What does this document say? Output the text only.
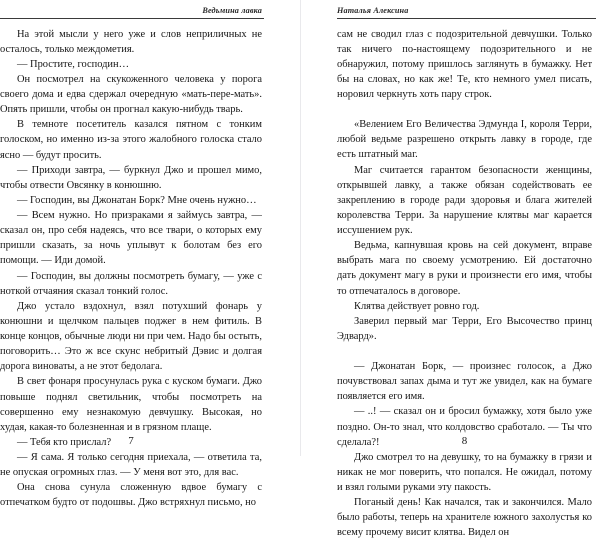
Ведьмина лавка

На этой мысли у него уже и слов неприличных не осталось, только междометия.

— Простите, господин…

Он посмотрел на скукоженного человека у порога своего дома и едва сдержал очередную «мать-пере-мать». Опять пришли, чтобы он прогнал какую-нибудь тварь.

В темноте посетитель казался пятном с тонким голоском, но именно из-за этого жалобного голоска стало ясно — будут просить.

— Приходи завтра, — буркнул Джо и прошел мимо, чтобы отвести Овсянку в конюшню.

— Господин, вы Джонатан Борк? Мне очень нужно…

— Всем нужно. Но призраками я займусь завтра, — сказал он, про себя надеясь, что все твари, о которых ему пришли сказать, за ночь уплывут к болотам без его помощи. — Иди домой.

— Господин, вы должны посмотреть бумагу, — уже с ноткой отчаяния сказал тонкий голос.

Джо устало вздохнул, взял потухший фонарь у конюшни и щелчком пальцев поджег в нем фитиль. В конце концов, обычные люди ни при чем. Надо бы остыть, поговорить… Это ж все скунс небритый Дэвис и долгая дорога виноваты, а не этот бедолага.

В свет фонаря просунулась рука с куском бумаги. Джо повыше поднял светильник, чтобы посмотреть на совершенно ему незнакомую девчушку. Высокая, но худая, какая-то болезненная и в грязном плаще.

— Тебя кто прислал?

— Я сама. Я только сегодня приехала, — ответила та, не опуская огромных глаз. — У меня вот это, для вас.

Она снова сунула сложенную вдвое бумагу с отпечатком будто от подошвы. Джо встряхнул письмо, но

7
Наталья Алексина

сам не сводил глаз с подозрительной девчушки. Только так ничего по-настоящему подозрительного и не обнаружил, потому пришлось заглянуть в бумажку. Нет бы на словах, но как же! Те, кто немного умел писать, норовил черкнуть хоть пару строк.

«Велением Его Величества Эдмунда I, короля Терри, любой ведьме разрешено открыть лавку в городе, где есть штатный маг.

Маг считается гарантом безопасности женщины, открывшей лавку, а также обязан содействовать ее закреплению в городе ради здоровья и блага жителей королевства Терри. За нарушение клятвы маг карается иссушением рук.

Ведьма, капнувшая кровь на сей документ, вправе выбрать мага по своему усмотрению. Ей достаточно дать документ магу в руки и произнести его имя, чтобы то отпечаталось в договоре.

Клятва действует ровно год.

Заверил первый маг Терри, Его Высочество принц Эдвард».

— Джонатан Борк, — произнес голосок, а Джо почувствовал запах дыма и тут же увидел, как на бумаге появляется его имя.

— ..! — сказал он и бросил бумажку, хотя было уже поздно. Он-то знал, что колдовство сработало. — Ты что сделала?!

Джо смотрел то на девушку, то на бумажку в грязи и никак не мог поверить, что попался. Не ожидал, потому и взял голыми руками эту пакость.

Поганый день! Как начался, так и закончился. Мало было работы, теперь на хранителе южного захолустья ко всему прочему висит клятва. Видел он

8
